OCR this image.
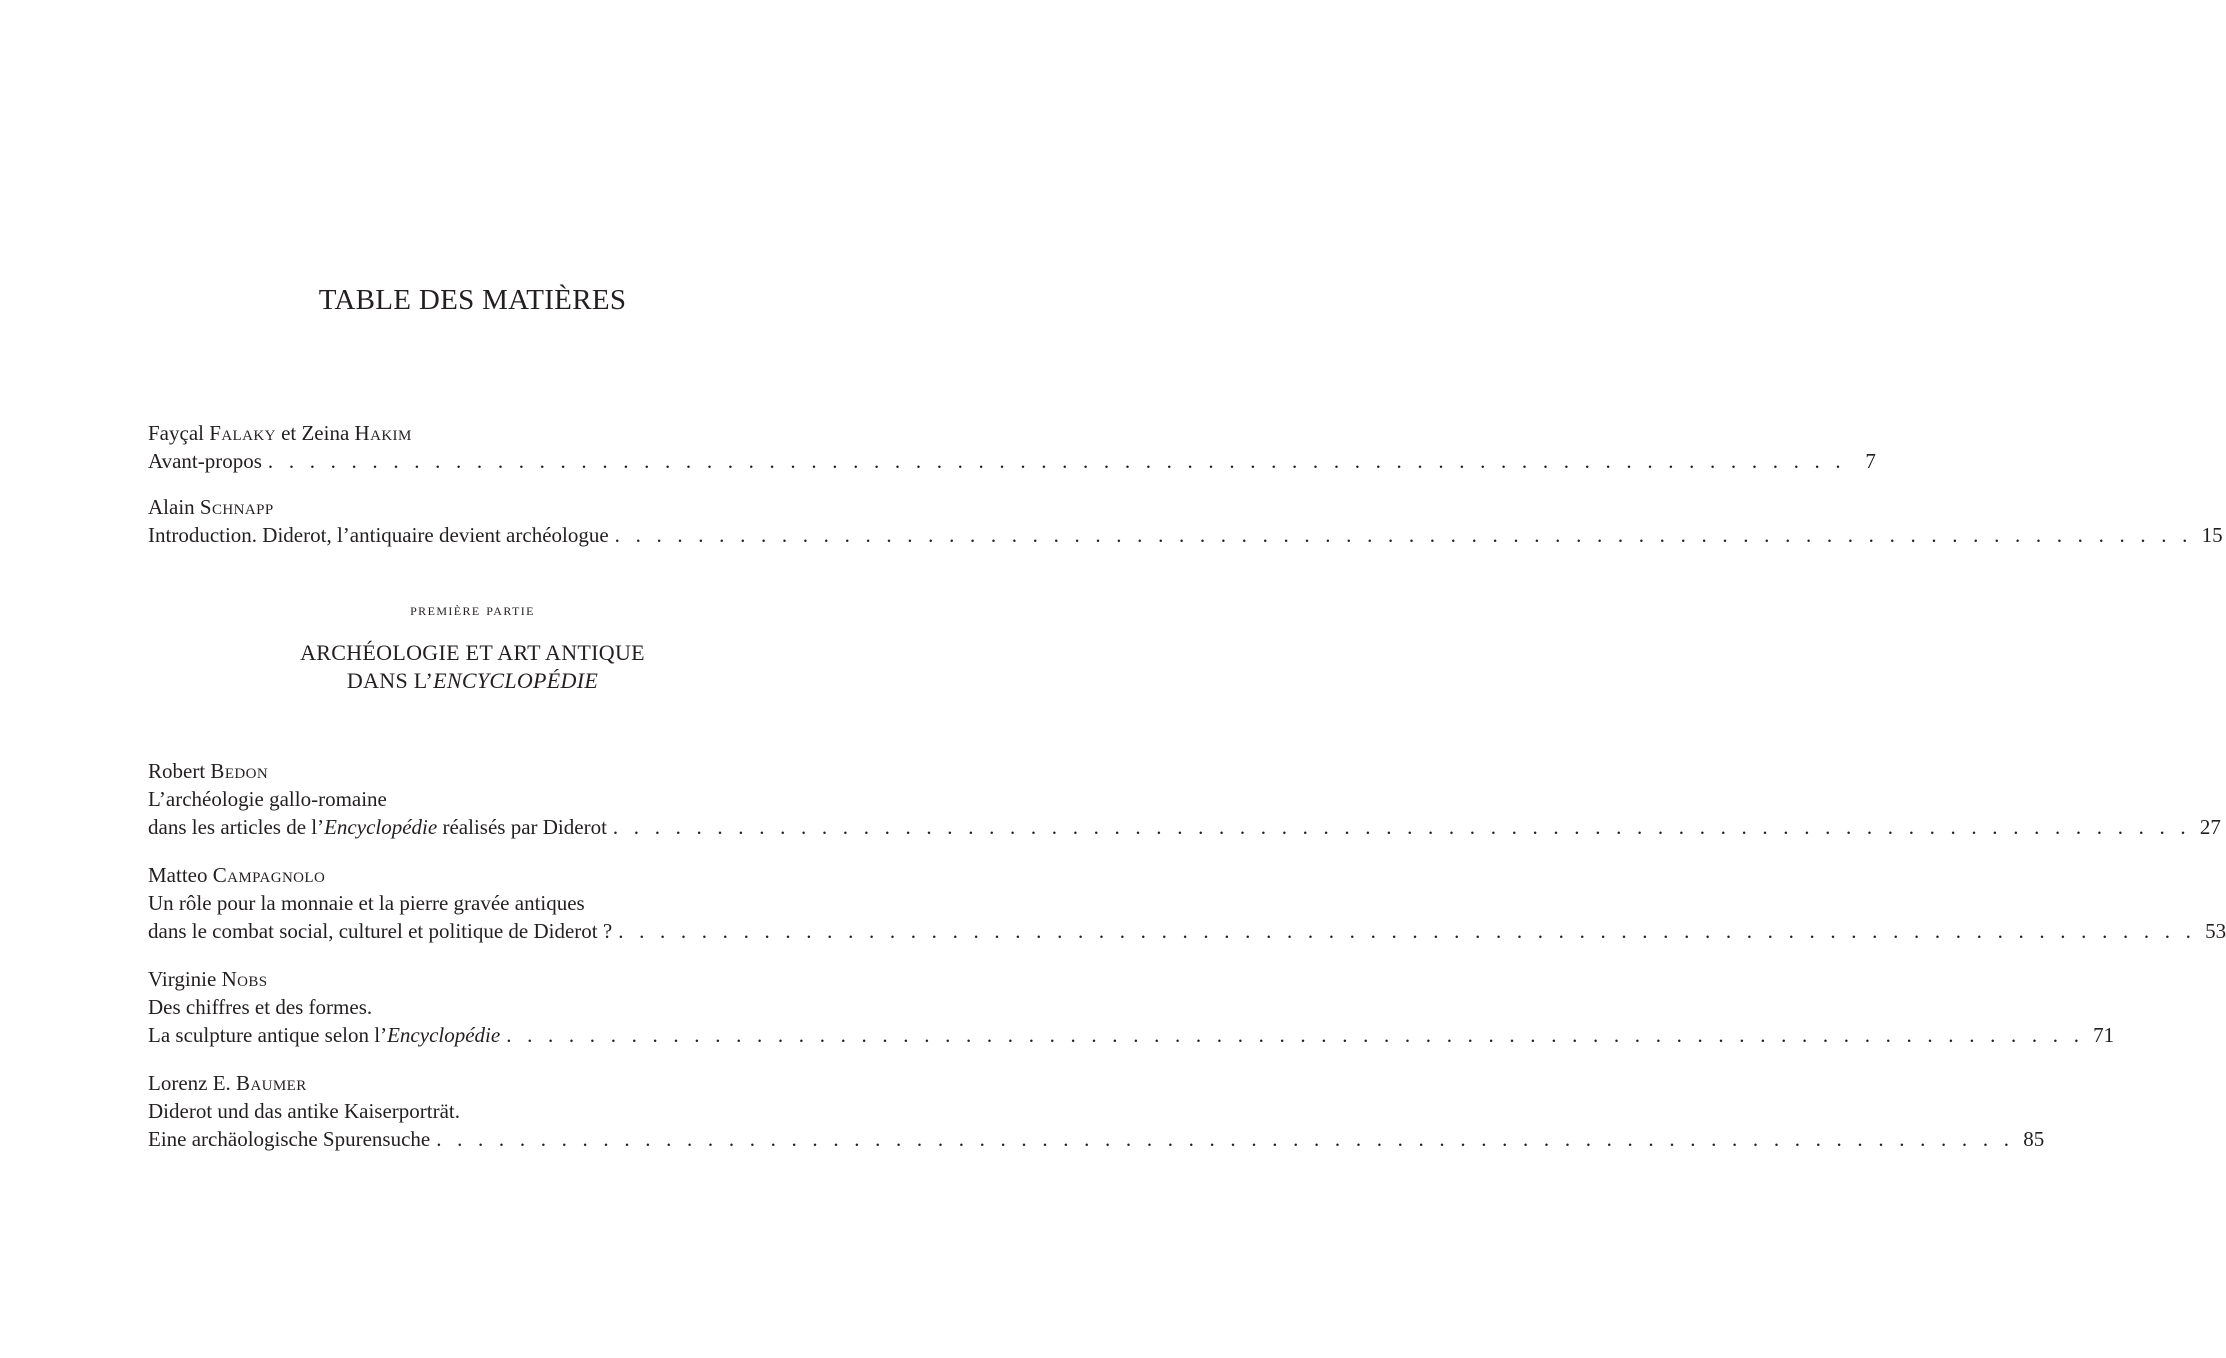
TABLE DES MATIÈRES
Fayçal Falaky et Zeina Hakim
Avant-propos . . . . . . . . . . . . . . . . . . . . . . . . . . . . . . . . . . . . . . . . . . . . . . . . . . . . . . . . . . . . . . . . . . . . . . . . . . . . 7
Alain Schnapp
Introduction. Diderot, l’antiquaire devient archéologue . . . . . . . . . . . . . . . . . . . . . . . . . . . . . . . . . . . . . . . . . . . . . . . . . . . . . . . . . . . . . . . . . . . . . . . . . . . . 15
première partie
ARCHÉOLOGIE ET ART ANTIQUE
DANS L’ENCYCLOPÉDIE
Robert Bedon
L’archéologie gallo-romaine
dans les articles de l’Encyclopédie réalisés par Diderot . . . . . . . . . . . . . . . . . . . . . . . . . . . . . . . . . . . . . . . . . . . . . . . . . . . . . . . . . . . . . . . . . . . . . . . . . . . . 27
Matteo Campagnolo
Un rôle pour la monnaie et la pierre gravée antiques
dans le combat social, culturel et politique de Diderot ? . . . . . . . . . . . . . . . . . . . . . . . . . . . . . . . . . . . . . . . . . . . . . . . . . . . . . . . . . . . . . . . . . . . . . . . . . . . . 53
Virginie Nobs
Des chiffres et des formes.
La sculpture antique selon l’Encyclopédie . . . . . . . . . . . . . . . . . . . . . . . . . . . . . . . . . . . . . . . . . . . . . . . . . . . . . . . . . . . . . . . . . . . . . . . . . . . . 71
Lorenz E. Baumer
Diderot und das antike Kaiserporträt.
Eine archäologische Spurensuche . . . . . . . . . . . . . . . . . . . . . . . . . . . . . . . . . . . . . . . . . . . . . . . . . . . . . . . . . . . . . . . . . . . . . . . . . . . . 85
